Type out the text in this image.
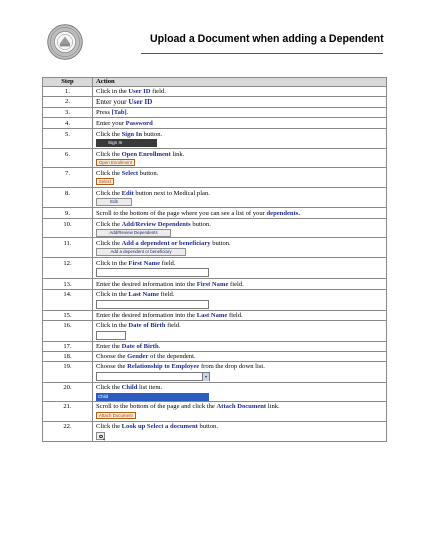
Upload a Document when adding a Dependent
Step	Action
1.	Click in the User ID field.

2.	Enter your User ID

3.	Press [Tab].

4.	Enter your Password

5.	Click the Sign In button.
Sign In

6.	Click the Open Enrollment link.
Open Enrollment

7.	Click the Select button.
Select

8.	Click the Edit button next to Medical plan.
Edit

9.	Scroll to the bottom of the page where you can see a list of your dependents.

10.	Click the Add/Review Dependents button.
Add/Review Dependents

11.	Click the Add a dependent or beneficiary button.
Add a dependent or beneficiary

12.	Click in the First Name field.

13.	Enter the desired information into the First Name field.

14.	Click in the Last Name field.

15.	Enter the desired information into the Last Name field.

16.	Click in the Date of Birth field.

17.	Enter the Date of Birth.

18.	Choose the Gender of the dependent.

19.	Choose the Relationship to Employee from the drop down list.

20.	Click the Child list item.
Child

21.	Scroll to the bottom of the page and click the Attach Document link.
Attach Document

22.	Click the Look up Select a document button.
